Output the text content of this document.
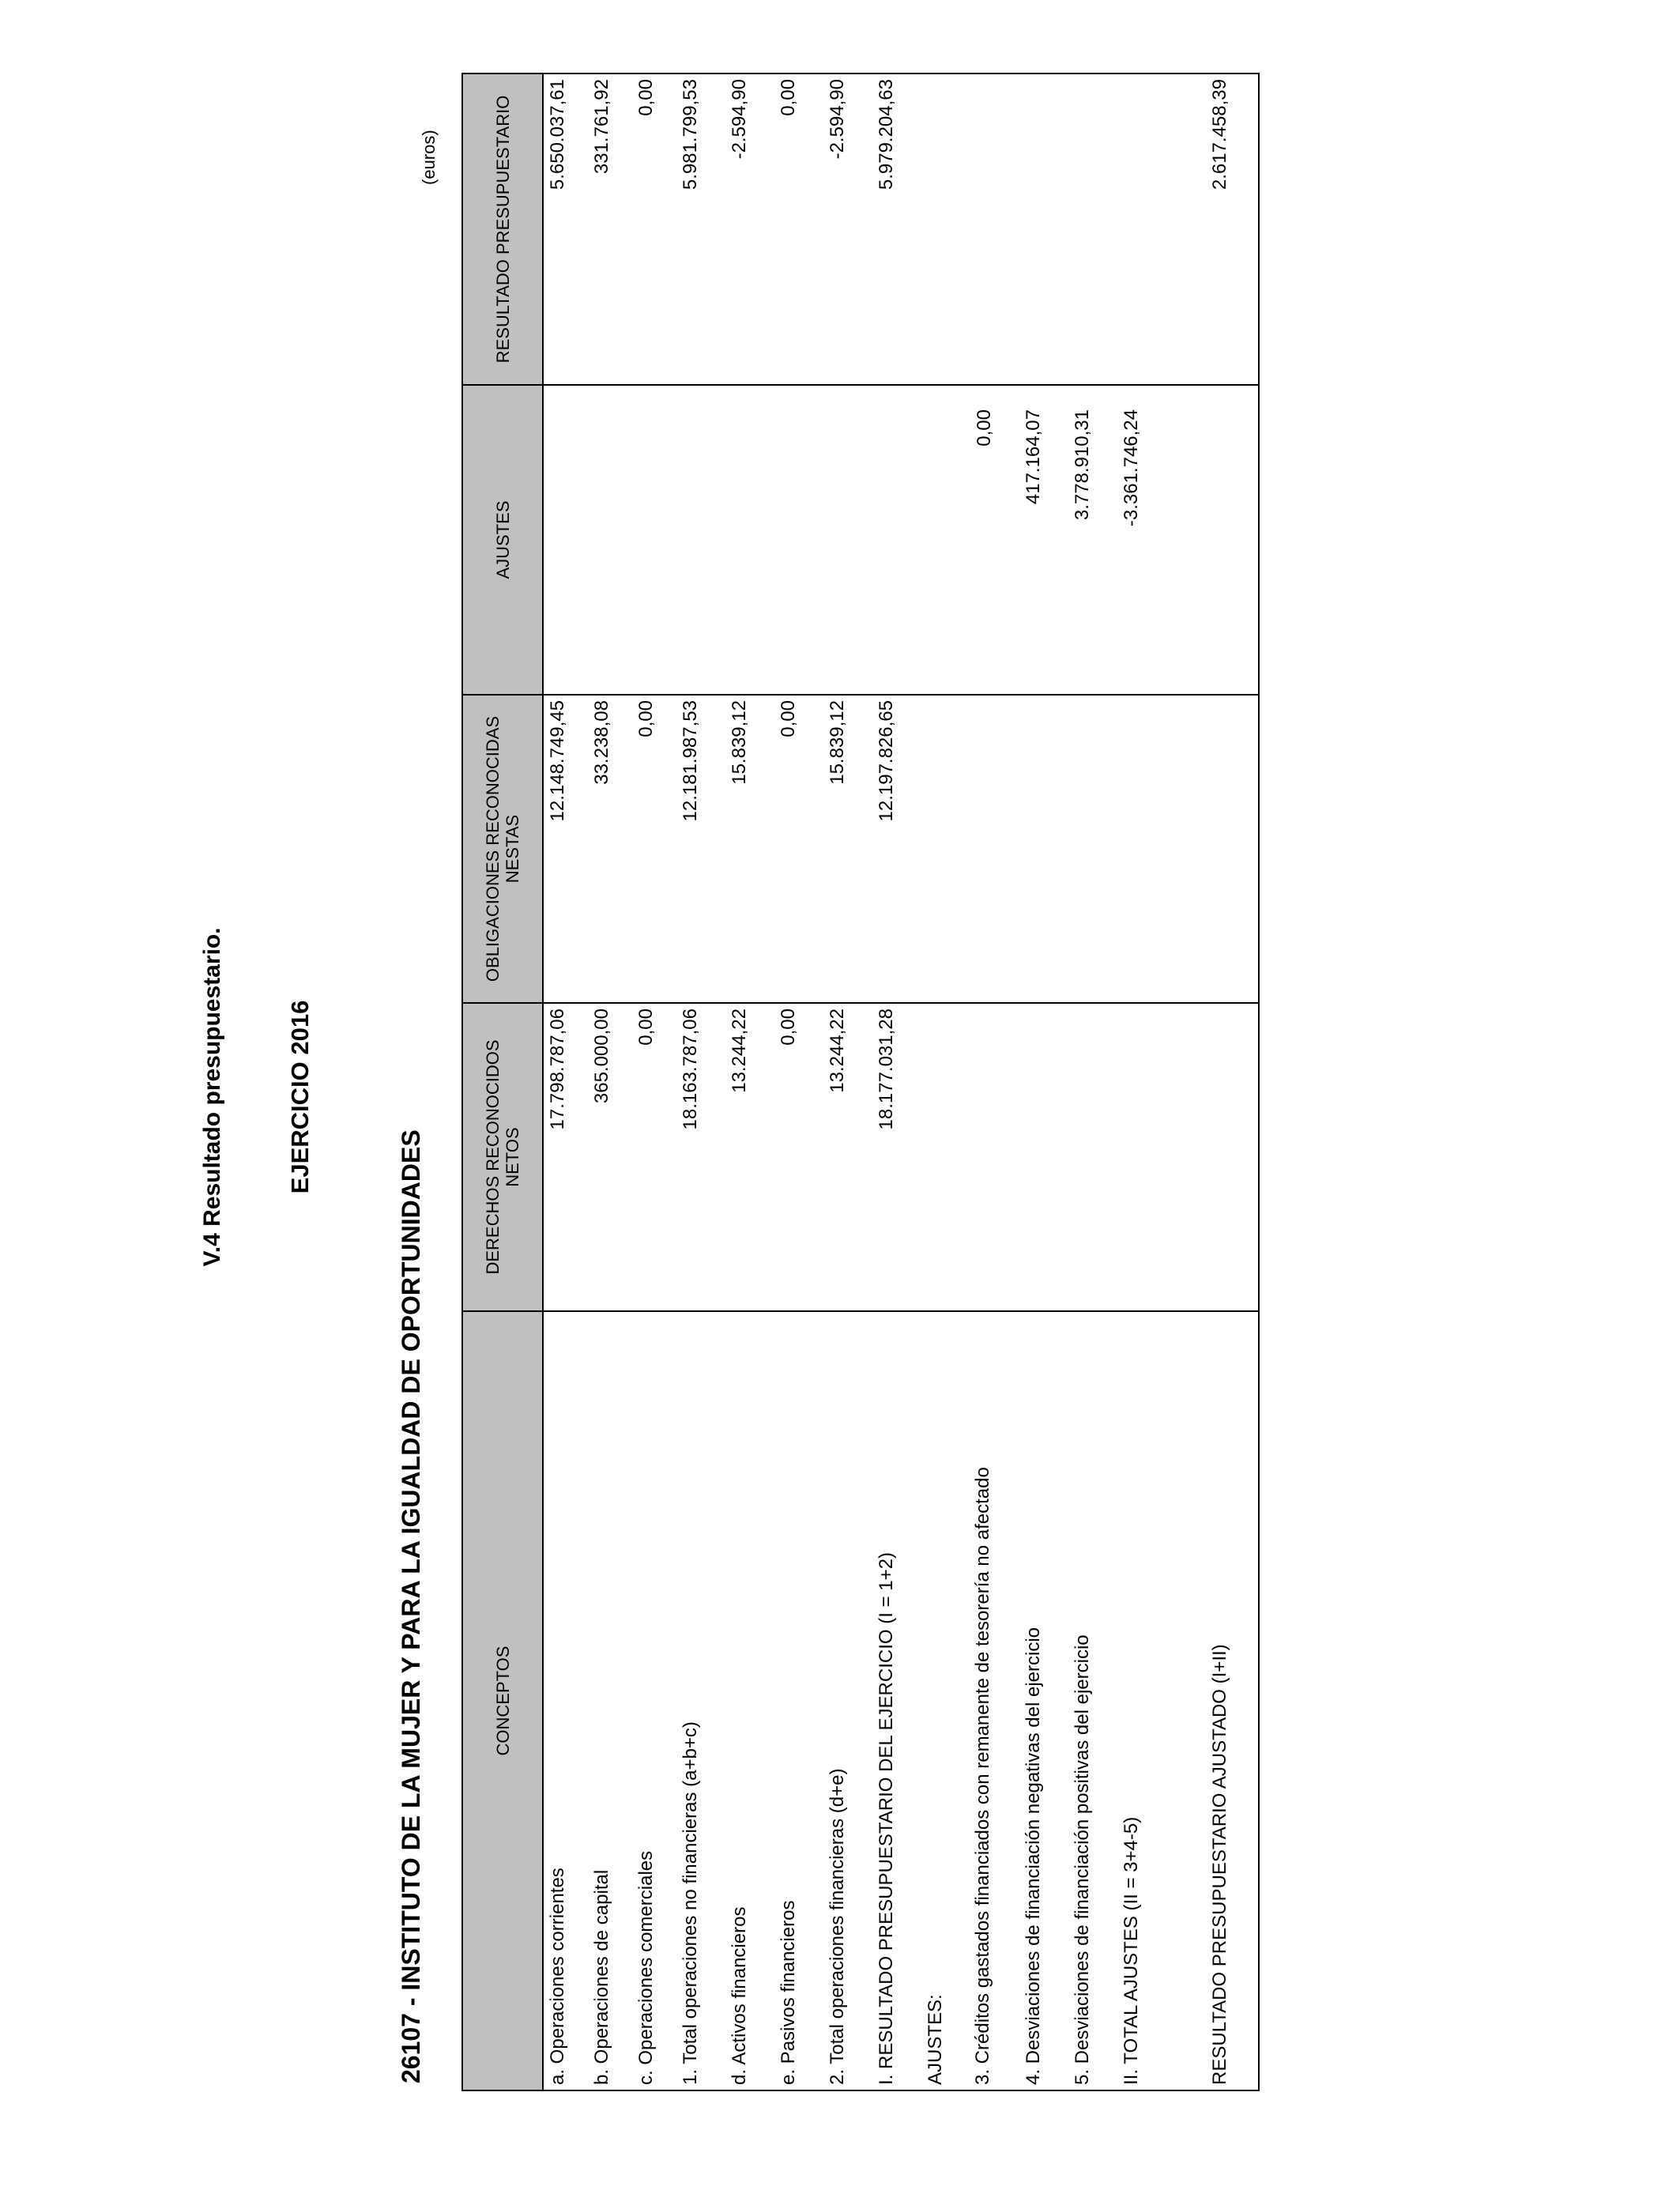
V.4 Resultado presupuestario. EJERCICIO 2016
26107 - INSTITUTO DE LA MUJER Y PARA LA IGUALDAD DE OPORTUNIDADES
(euros)
CONCEPTOS	DERECHOS RECONOCIDOS NETOS	OBLIGACIONES RECONOCIDAS NESTAS	AJUSTES	RESULTADO PRESUPUESTARIO
a. Operaciones corrientes	17.798.787,06	12.148.749,45		5.650.037,61
b. Operaciones de capital	365.000,00	33.238,08		331.761,92
c. Operaciones comerciales	0,00	0,00		0,00
1. Total operaciones no financieras (a+b+c)	18.163.787,06	12.181.987,53		5.981.799,53
d. Activos financieros	13.244,22	15.839,12		-2.594,90
e. Pasivos financieros	0,00	0,00		0,00
2. Total operaciones financieras (d+e)	13.244,22	15.839,12		-2.594,90
I. RESULTADO PRESUPUESTARIO DEL EJERCICIO (I = 1+2)	18.177.031,28	12.197.826,65		5.979.204,63
AJUSTES:				
3. Créditos gastados financiados con remanente de tesorería no afectado			0,00	
4. Desviaciones de financiación negativas del ejercicio			417.164,07	
5. Desviaciones de financiación positivas del ejercicio			3.778.910,31	
II. TOTAL AJUSTES (II = 3+4-5)			-3.361.746,24	

RESULTADO PRESUPUESTARIO AJUSTADO (I+II)				2.617.458,39
